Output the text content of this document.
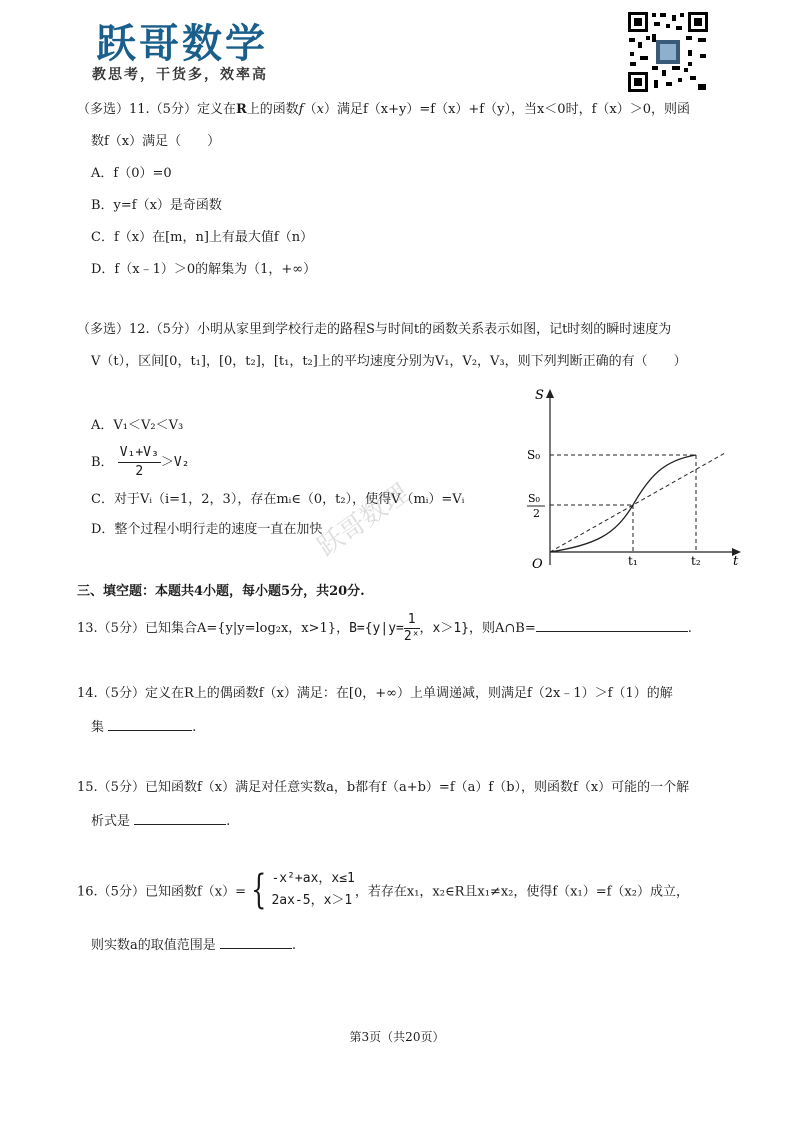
跃哥数学
教思考，干货多，效率高
（多选）11.（5分）定义在R上的函数f（x）满足f（x+y）=f（x）+f（y），当x＜0时，f（x）＞0，则函
数f（x）满足（　　）
A．f（0）=0
B．y=f（x）是奇函数
C．f（x）在[m，n]上有最大值f（n）
D．f（x﹣1）＞0的解集为（1，+∞）
（多选）12.（5分）小明从家里到学校行走的路程S与时间t的函数关系表示如图，记t时刻的瞬时速度为
V（t），区间[0，t₁]，[0，t₂]，[t₁，t₂]上的平均速度分别为V₁，V₂，V₃，则下列判断正确的有（　　）
A．V₁＜V₂＜V₃
B． $\frac{\text{V₁+V₃}}{2} >V_2$
C．对于Vᵢ（i=1，2，3），存在mᵢ∈（0，t₂），使得V（mᵢ）=Vᵢ
D．整个过程小明行走的速度一直在加快
S
t
O
S₀
S₀
2
t₁	t₂
跃哥数理
三、填空题：本题共4小题，每小题5分，共20分.
13.（5分）已知集合A={y|y=log₂x，x>1}，$B=\{y|y= \frac{1}{\text{2ˣ}}$ ，x＞1}，则A∩B=	.
14.（5分）定义在R上的偶函数f（x）满足：在[0，+∞）上单调递减，则满足f（2x﹣1）＞f（1）的解
集	.
15.（5分）已知函数f（x）满足对任意实数a，b都有f（a+b）=f（a）f（b），则函数f（x）可能的一个解
析式是	.
16.（5分）已知函数f（x）= { -x²+ax，x≤1
2ax-5，x＞1
，若存在x₁，x₂∈R且x₁≠x₂，使得f（x₁）=f（x₂）成立，
则实数a的取值范围是	.
第3页（共20页）
